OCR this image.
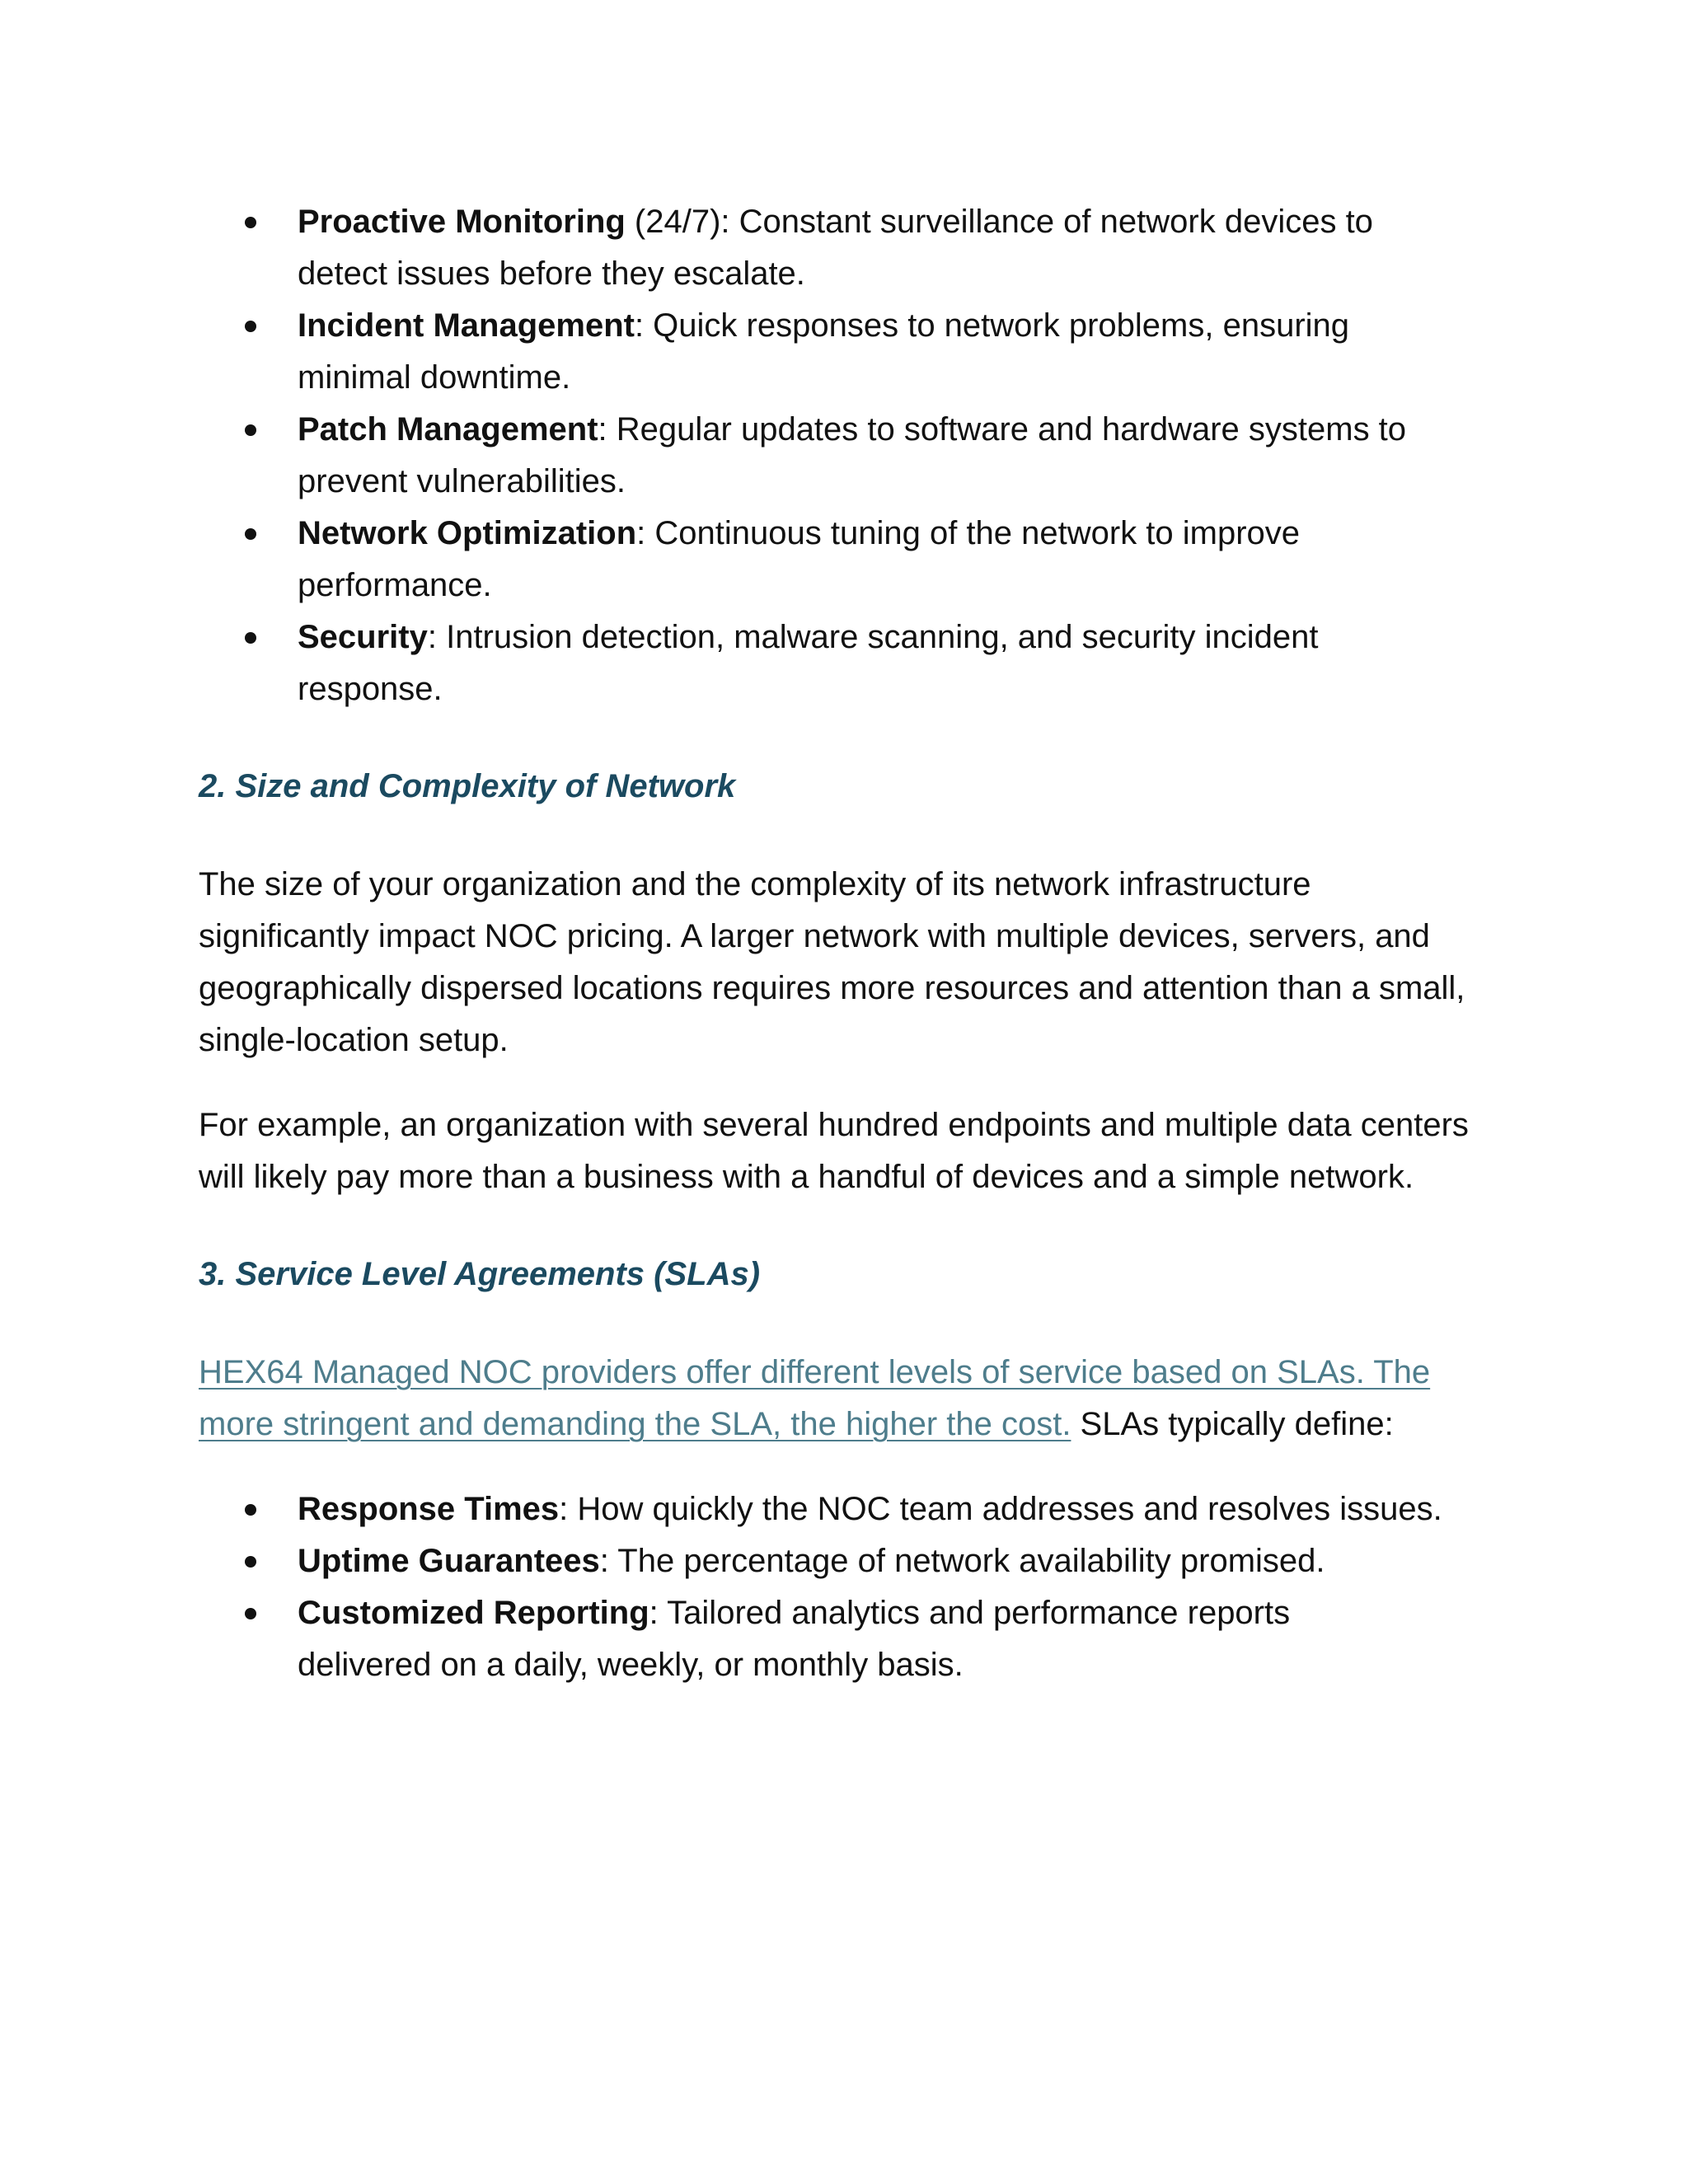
Proactive Monitoring (24/7): Constant surveillance of network devices to detect issues before they escalate.
Incident Management: Quick responses to network problems, ensuring minimal downtime.
Patch Management: Regular updates to software and hardware systems to prevent vulnerabilities.
Network Optimization: Continuous tuning of the network to improve performance.
Security: Intrusion detection, malware scanning, and security incident response.
2. Size and Complexity of Network

The size of your organization and the complexity of its network infrastructure significantly impact NOC pricing. A larger network with multiple devices, servers, and geographically dispersed locations requires more resources and attention than a small, single-location setup.

For example, an organization with several hundred endpoints and multiple data centers will likely pay more than a business with a handful of devices and a simple network.

3. Service Level Agreements (SLAs)

HEX64 Managed NOC providers offer different levels of service based on SLAs. The more stringent and demanding the SLA, the higher the cost. SLAs typically define:

Response Times: How quickly the NOC team addresses and resolves issues.
Uptime Guarantees: The percentage of network availability promised.
Customized Reporting: Tailored analytics and performance reports delivered on a daily, weekly, or monthly basis.
